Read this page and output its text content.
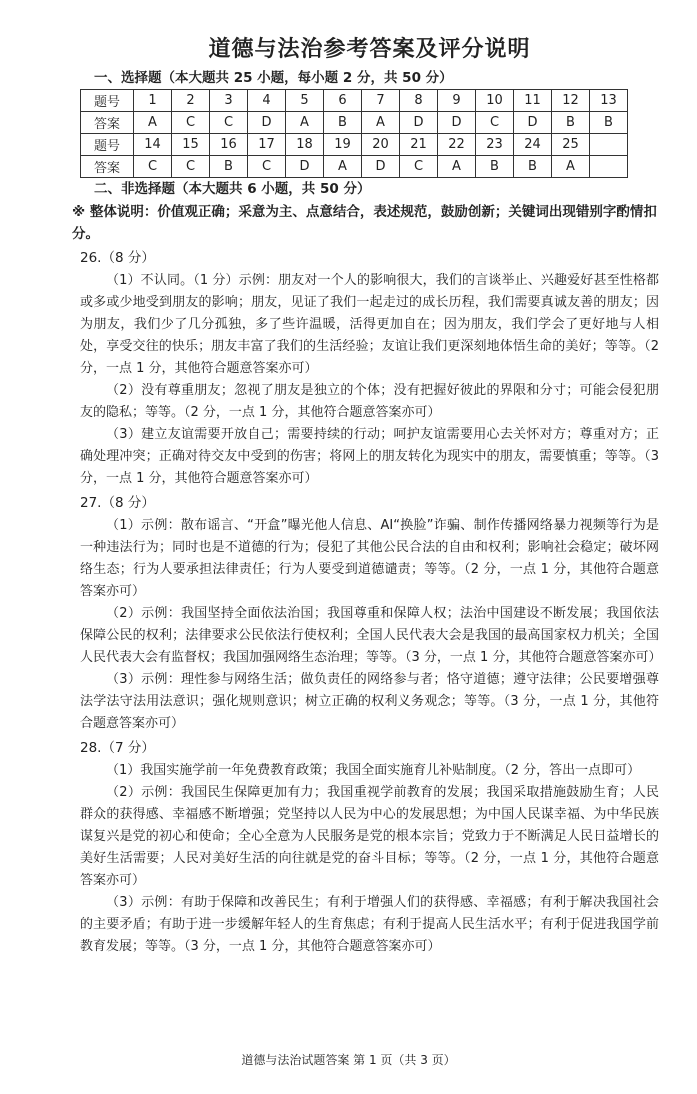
道德与法治参考答案及评分说明
一、选择题（本大题共 25 小题，每小题 2 分，共 50 分）
题号	1	2	3	4	5	6	7	8	9	10	11	12	13
答案	A	C	C	D	A	B	A	D	D	C	D	B	B
题号	14	15	16	17	18	19	20	21	22	23	24	25	
答案	C	C	B	C	D	A	D	C	A	B	B	A	
二、非选择题（本大题共 6 小题，共 50 分）
※ 整体说明：价值观正确；采意为主、点意结合，表述规范，鼓励创新；关键词出现错别字酌情扣分。
26.（8 分）

（1）不认同。（1 分）示例：朋友对一个人的影响很大，我们的言谈举止、兴趣爱好甚至性格都或多或少地受到朋友的影响；朋友，见证了我们一起走过的成长历程，我们需要真诚友善的朋友；因为朋友，我们少了几分孤独，多了些许温暖，活得更加自在；因为朋友，我们学会了更好地与人相处，享受交往的快乐；朋友丰富了我们的生活经验；友谊让我们更深刻地体悟生命的美好；等等。（2 分，一点 1 分，其他符合题意答案亦可）

（2）没有尊重朋友；忽视了朋友是独立的个体；没有把握好彼此的界限和分寸；可能会侵犯朋友的隐私；等等。（2 分，一点 1 分，其他符合题意答案亦可）

（3）建立友谊需要开放自己；需要持续的行动；呵护友谊需要用心去关怀对方；尊重对方；正确处理冲突；正确对待交友中受到的伤害；将网上的朋友转化为现实中的朋友，需要慎重；等等。（3 分，一点 1 分，其他符合题意答案亦可）

27.（8 分）

（1）示例：散布谣言、“开盒”曝光他人信息、AI“换脸”诈骗、制作传播网络暴力视频等行为是一种违法行为；同时也是不道德的行为；侵犯了其他公民合法的自由和权利；影响社会稳定；破坏网络生态；行为人要承担法律责任；行为人要受到道德谴责；等等。（2 分，一点 1 分，其他符合题意答案亦可）

（2）示例：我国坚持全面依法治国；我国尊重和保障人权；法治中国建设不断发展；我国依法保障公民的权利；法律要求公民依法行使权利；全国人民代表大会是我国的最高国家权力机关；全国人民代表大会有监督权；我国加强网络生态治理；等等。（3 分，一点 1 分，其他符合题意答案亦可）

（3）示例：理性参与网络生活；做负责任的网络参与者；恪守道德；遵守法律；公民要增强尊法学法守法用法意识；强化规则意识；树立正确的权利义务观念；等等。（3 分，一点 1 分，其他符合题意答案亦可）

28.（7 分）

（1）我国实施学前一年免费教育政策；我国全面实施育儿补贴制度。（2 分，答出一点即可）

（2）示例：我国民生保障更加有力；我国重视学前教育的发展；我国采取措施鼓励生育；人民群众的获得感、幸福感不断增强；党坚持以人民为中心的发展思想；为中国人民谋幸福、为中华民族谋复兴是党的初心和使命；全心全意为人民服务是党的根本宗旨；党致力于不断满足人民日益增长的美好生活需要；人民对美好生活的向往就是党的奋斗目标；等等。（2 分，一点 1 分，其他符合题意答案亦可）

（3）示例：有助于保障和改善民生；有利于增强人们的获得感、幸福感；有利于解决我国社会的主要矛盾；有助于进一步缓解年轻人的生育焦虑；有利于提高人民生活水平；有利于促进我国学前教育发展；等等。（3 分，一点 1 分，其他符合题意答案亦可）

道德与法治试题答案 第 1 页（共 3 页）
